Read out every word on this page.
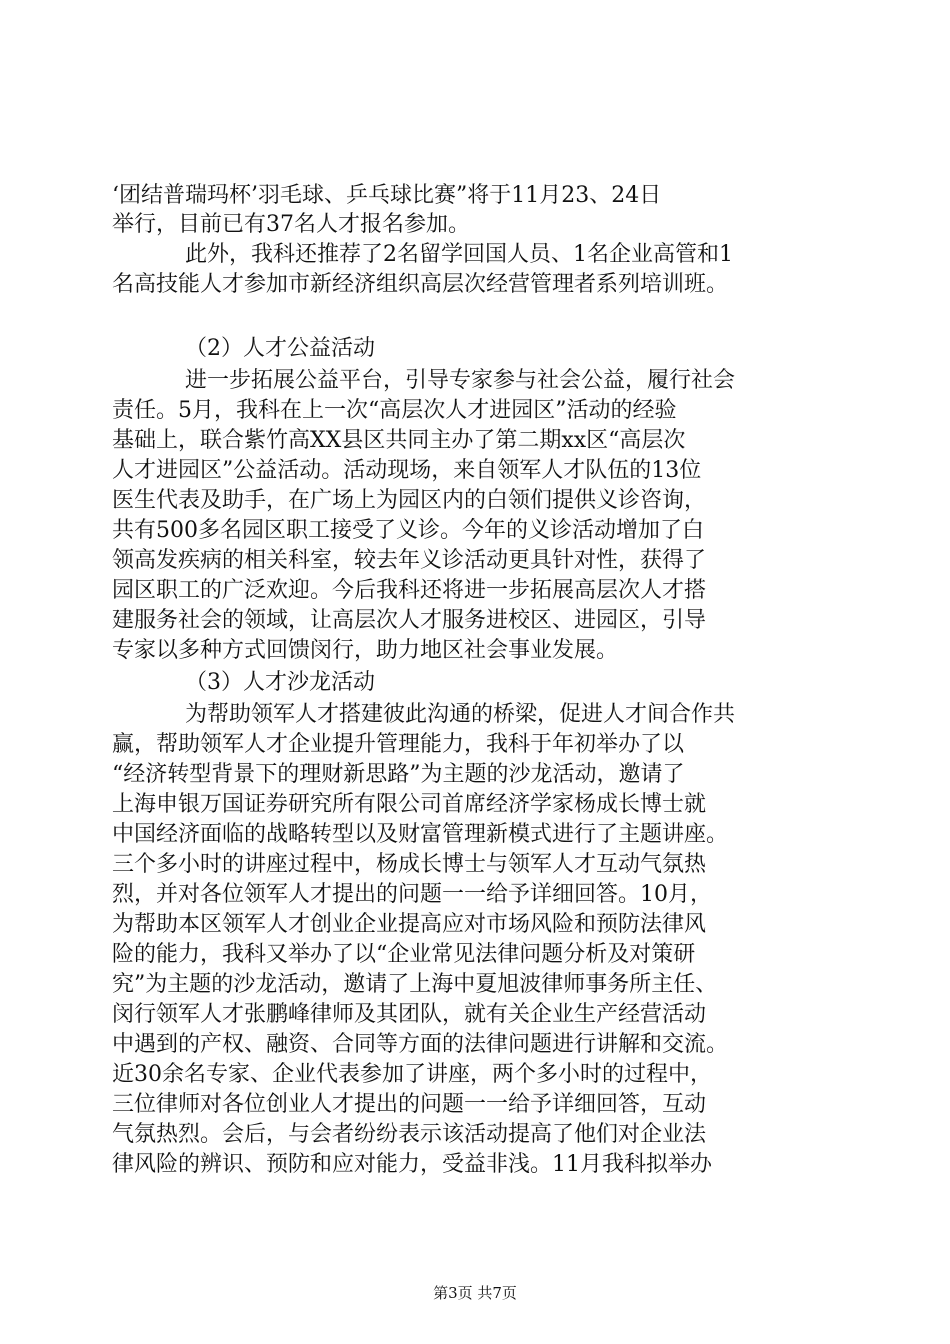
‘团结普瑞玛杯’羽毛球、乒乓球比赛”将于11月23、24日
举行，目前已有37名人才报名参加。
此外，我科还推荐了2名留学回国人员、1名企业高管和1
名高技能人才参加市新经济组织高层次经营管理者系列培训班。
（2）人才公益活动
进一步拓展公益平台，引导专家参与社会公益，履行社会
责任。5月，我科在上一次“高层次人才进园区”活动的经验
基础上，联合紫竹高XX县区共同主办了第二期xx区“高层次
人才进园区”公益活动。活动现场，来自领军人才队伍的13位
医生代表及助手，在广场上为园区内的白领们提供义诊咨询，
共有500多名园区职工接受了义诊。今年的义诊活动增加了白
领高发疾病的相关科室，较去年义诊活动更具针对性，获得了
园区职工的广泛欢迎。今后我科还将进一步拓展高层次人才搭
建服务社会的领域，让高层次人才服务进校区、进园区，引导
专家以多种方式回馈闵行，助力地区社会事业发展。
（3）人才沙龙活动
为帮助领军人才搭建彼此沟通的桥梁，促进人才间合作共
赢，帮助领军人才企业提升管理能力，我科于年初举办了以
“经济转型背景下的理财新思路”为主题的沙龙活动，邀请了
上海申银万国证券研究所有限公司首席经济学家杨成长博士就
中国经济面临的战略转型以及财富管理新模式进行了主题讲座。
三个多小时的讲座过程中，杨成长博士与领军人才互动气氛热
烈，并对各位领军人才提出的问题一一给予详细回答。10月，
为帮助本区领军人才创业企业提高应对市场风险和预防法律风
险的能力，我科又举办了以“企业常见法律问题分析及对策研
究”为主题的沙龙活动，邀请了上海中夏旭波律师事务所主任、
闵行领军人才张鹏峰律师及其团队，就有关企业生产经营活动
中遇到的产权、融资、合同等方面的法律问题进行讲解和交流。
近30余名专家、企业代表参加了讲座，两个多小时的过程中，
三位律师对各位创业人才提出的问题一一给予详细回答，互动
气氛热烈。会后，与会者纷纷表示该活动提高了他们对企业法
律风险的辨识、预防和应对能力，受益非浅。11月我科拟举办
第3页 共7页
